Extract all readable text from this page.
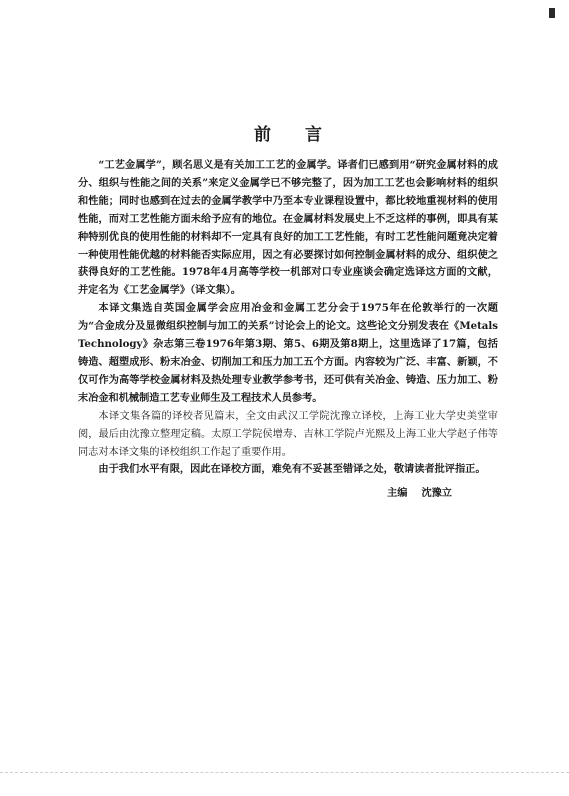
前 言

“工艺金属学”，顾名思义是有关加工工艺的金属学。译者们已感到用“研究金属材料的成分、组织与性能之间的关系”来定义金属学已不够完整了，因为加工工艺也会影响材料的组织和性能；同时也感到在过去的金属学教学中乃至本专业课程设置中，都比较地重视材料的使用性能，而对工艺性能方面未给予应有的地位。在金属材料发展史上不乏这样的事例，即具有某种特别优良的使用性能的材料却不一定具有良好的加工工艺性能，有时工艺性能问题竟决定着一种使用性能优越的材料能否实际应用，因之有必要探讨如何控制金属材料的成分、组织使之获得良好的工艺性能。1978年4月高等学校一机部对口专业座谈会确定选译这方面的文献，并定名为《工艺金属学》（译文集）。

本译文集选自英国金属学会应用冶金和金属工艺分会于1975年在伦敦举行的一次题为“合金成分及显微组织控制与加工的关系”讨论会上的论文。这些论文分别发表在《Metals Technology》杂志第三卷1976年第3期、第5、6期及第8期上，这里选译了17篇，包括铸造、超塑成形、粉末冶金、切削加工和压力加工五个方面。内容较为广泛、丰富、新颖，不仅可作为高等学校金属材料及热处理专业教学参考书，还可供有关冶金、铸造、压力加工、粉末冶金和机械制造工艺专业师生及工程技术人员参考。

本译文集各篇的译校者见篇末，全文由武汉工学院沈豫立译校，上海工业大学史美堂审阅，最后由沈豫立整理定稿。太原工学院侯增寿、吉林工学院卢光熙及上海工业大学赵子伟等同志对本译文集的译校组织工作起了重要作用。

由于我们水平有限，因此在译校方面，难免有不妥甚至错译之处，敬请读者批评指正。

主编 沈豫立
